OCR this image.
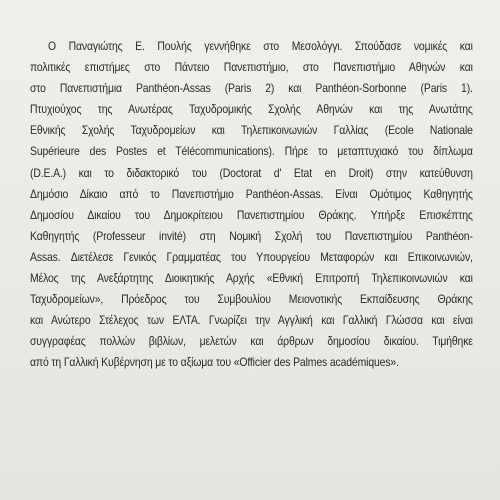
Ο Παναγιώτης Ε. Πουλής γεννήθηκε στο Μεσολόγγι. Σπούδασε νομικές και
πολιτικές επιστήμες στο Πάντειο Πανεπιστήμιο, στο Πανεπιστήμιο Αθηνών και
στο Πανεπιστήμια Panthéon-Assas (Paris 2) και Panthéon-Sorbonne (Paris 1).
Πτυχιούχος της Ανωτέρας Ταχυδρομικής Σχολής Αθηνών και της Ανωτάτης
Εθνικής Σχολής Ταχυδρομείων και Τηλεπικοινωνιών Γαλλίας (Ecole Nationale
Supérieure des Postes et Télécommunications). Πήρε το μεταπτυχιακό του δίπλωμα
(D.E.A.) και το διδακτορικό του (Doctorat d' Etat en Droit) στην κατεύθυνση
Δημόσιο Δίκαιο από το Πανεπιστήμιο Panthéon-Assas. Είναι Ομότιμος Καθηγητής
Δημοσίου Δικαίου του Δημοκρίτειου Πανεπιστημίου Θράκης. Υπήρξε Επισκέπτης
Καθηγητής (Professeur invité) στη Νομική Σχολή του Πανεπιστημίου Panthéon-
Assas. Διετέλεσε Γενικός Γραμματέας του Υπουργείου Μεταφορών και Επικοινωνιών,
Μέλος της Ανεξάρτητης Διοικητικής Αρχής «Εθνική Επιτροπή Τηλεπικοινωνιών και
Ταχυδρομείων», Πρόεδρος του Συμβουλίου Μειονοτικής Εκπαίδευσης Θράκης
και Ανώτερο Στέλεχος των ΕΛΤΑ. Γνωρίζει την Αγγλική και Γαλλική Γλώσσα και είναι
συγγραφέας πολλών βιβλίων, μελετών και άρθρων δημοσίου δικαίου. Τιμήθηκε
από τη Γαλλική Κυβέρνηση με το αξίωμα του «Officier des Palmes académiques».
